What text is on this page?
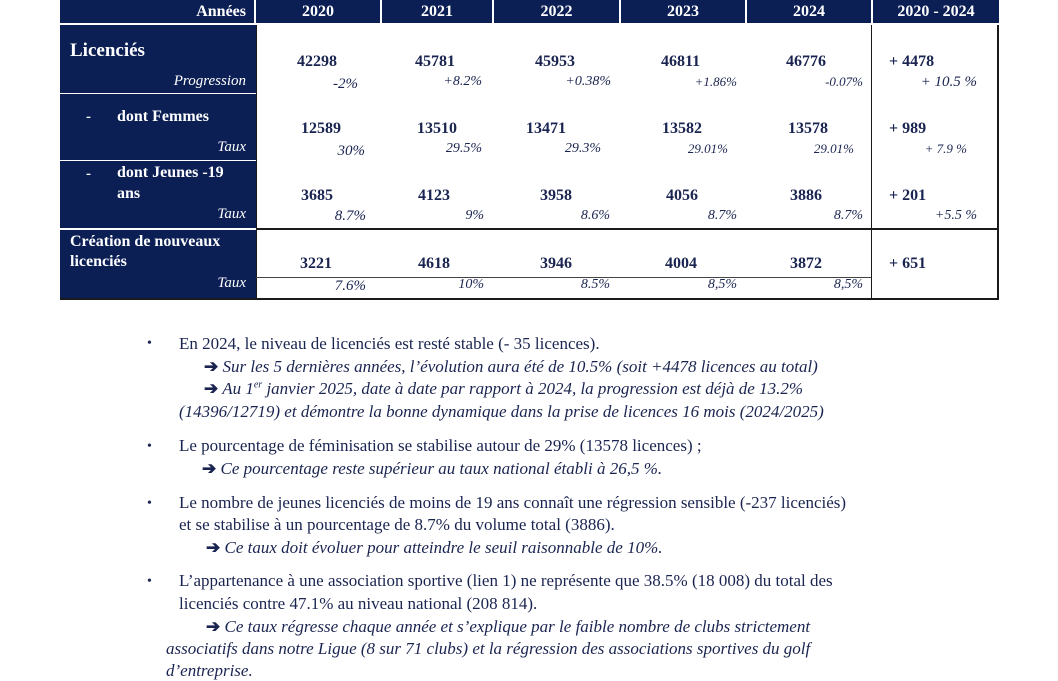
Années	2020	2021	2022	2023	2024	2020 - 2024
Licenciés
Progression
42298	45781	45953	46811	46776	+ 4478
-2%	+8.2%	+0.38%	+1.86%	-0.07%	+ 10.5 %
- dont Femmes
Taux
12589	13510	13471	13582	13578	+ 989
30%	29.5%	29.3%	29.01%	29.01%	+ 7.9 %
- dont Jeunes -19
ans
Taux
3685	4123	3958	4056	3886	+ 201
8.7%	9%	8.6%	8.7%	8.7%	+5.5 %
Création de nouveaux
licenciés
Taux
3221	4618	3946	4004	3872	+ 651
7.6%	10%	8.5%	8,5%	8,5%
• En 2024, le niveau de licenciés est resté stable (- 35 licences).
➔ Sur les 5 dernières années, l’évolution aura été de 10.5% (soit +4478 licences au total)
➔ Au 1er janvier 2025, date à date par rapport à 2024, la progression est déjà de 13.2%
(14396/12719) et démontre la bonne dynamique dans la prise de licences 16 mois (2024/2025)
• Le pourcentage de féminisation se stabilise autour de 29% (13578 licences) ;
➔ Ce pourcentage reste supérieur au taux national établi à 26,5 %.
• Le nombre de jeunes licenciés de moins de 19 ans connaît une régression sensible (-237 licenciés)
et se stabilise à un pourcentage de 8.7% du volume total (3886).
➔ Ce taux doit évoluer pour atteindre le seuil raisonnable de 10%.
• L’appartenance à une association sportive (lien 1) ne représente que 38.5% (18 008) du total des
licenciés contre 47.1% au niveau national (208 814).
➔ Ce taux régresse chaque année et s’explique par le faible nombre de clubs strictement
associatifs dans notre Ligue (8 sur 71 clubs) et la régression des associations sportives du golf
d’entreprise.
